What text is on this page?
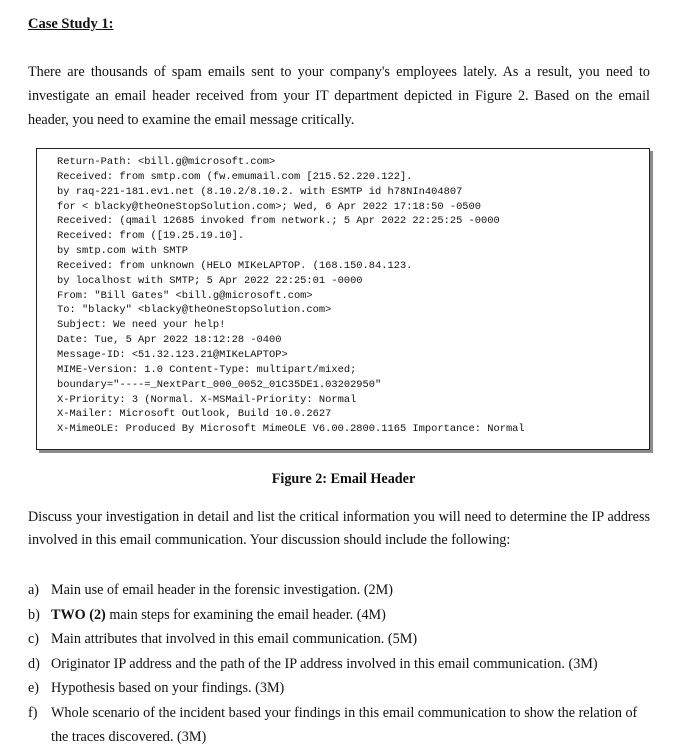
Case Study 1:
There are thousands of spam emails sent to your company's employees lately. As a result, you need to investigate an email header received from your IT department depicted in Figure 2. Based on the email header, you need to examine the email message critically.
Return-Path: <bill.g@microsoft.com>
Received: from smtp.com (fw.emumail.com [215.52.220.122].
by raq-221-181.ev1.net (8.10.2/8.10.2. with ESMTP id h78NIn404807
for < blacky@theOneStopSolution.com>; Wed, 6 Apr 2022 17:18:50 -0500
Received: (qmail 12685 invoked from network.; 5 Apr 2022 22:25:25 -0000
Received: from ([19.25.19.10].
by smtp.com with SMTP
Received: from unknown (HELO MIKeLAPTOP. (168.150.84.123.
by localhost with SMTP; 5 Apr 2022 22:25:01 -0000
From: "Bill Gates" <bill.g@microsoft.com>
To: "blacky" <blacky@theOneStopSolution.com>
Subject: We need your help!
Date: Tue, 5 Apr 2022 18:12:28 -0400
Message-ID: <51.32.123.21@MIKeLAPTOP>
MIME-Version: 1.0 Content-Type: multipart/mixed;
boundary="----=_NextPart_000_0052_01C35DE1.03202950"
X-Priority: 3 (Normal. X-MSMail-Priority: Normal
X-Mailer: Microsoft Outlook, Build 10.0.2627
X-MimeOLE: Produced By Microsoft MimeOLE V6.00.2800.1165 Importance: Normal
Figure 2: Email Header
Discuss your investigation in detail and list the critical information you will need to determine the IP address involved in this email communication. Your discussion should include the following:
a) Main use of email header in the forensic investigation. (2M)
b) TWO (2) main steps for examining the email header. (4M)
c) Main attributes that involved in this email communication. (5M)
d) Originator IP address and the path of the IP address involved in this email communication. (3M)
e) Hypothesis based on your findings. (3M)
f) Whole scenario of the incident based your findings in this email communication to show the relation of the traces discovered. (3M)
